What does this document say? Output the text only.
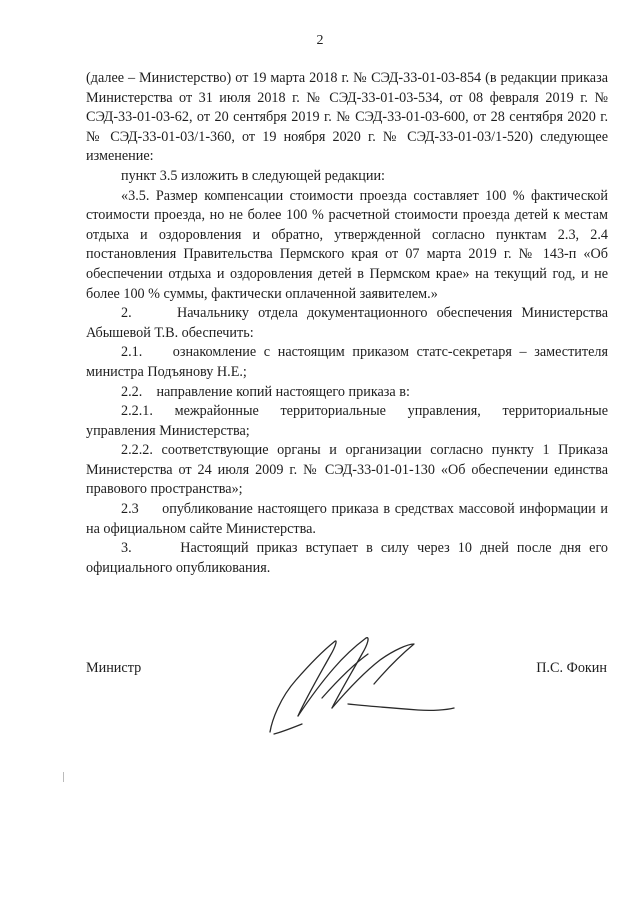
2

(далее – Министерство) от 19 марта 2018 г. № СЭД-33-01-03-854 (в редакции приказа Министерства от 31 июля 2018 г. № СЭД-33-01-03-534, от 08 февраля 2019 г. № СЭД-33-01-03-62, от 20 сентября 2019 г. № СЭД-33-01-03-600, от 28 сентября 2020 г. № СЭД-33-01-03/1-360, от 19 ноября 2020 г. № СЭД-33-01-03/1-520) следующее изменение:

пункт 3.5 изложить в следующей редакции:

«3.5. Размер компенсации стоимости проезда составляет 100 % фактической стоимости проезда, но не более 100 % расчетной стоимости проезда детей к местам отдыха и оздоровления и обратно, утвержденной согласно пунктам 2.3, 2.4 постановления Правительства Пермского края от 07 марта 2019 г. № 143-п «Об обеспечении отдыха и оздоровления детей в Пермском крае» на текущий год, и не более 100 % суммы, фактически оплаченной заявителем.»

2.     Начальнику отдела документационного обеспечения Министерства Абышевой Т.В. обеспечить:

2.1.    ознакомление с настоящим приказом статс-секретаря – заместителя министра Подъянову Н.Е.;

2.2.    направление копий настоящего приказа в:

2.2.1. межрайонные территориальные управления, территориальные управления Министерства;

2.2.2. соответствующие органы и организации согласно пункту 1 Приказа Министерства от 24 июля 2009 г. № СЭД-33-01-01-130 «Об обеспечении единства правового пространства»;

2.3     опубликование настоящего приказа в средствах массовой информации и на официальном сайте Министерства.

3.      Настоящий приказ вступает в силу через 10 дней после дня его официального опубликования.

Министр	П.С. Фокин
